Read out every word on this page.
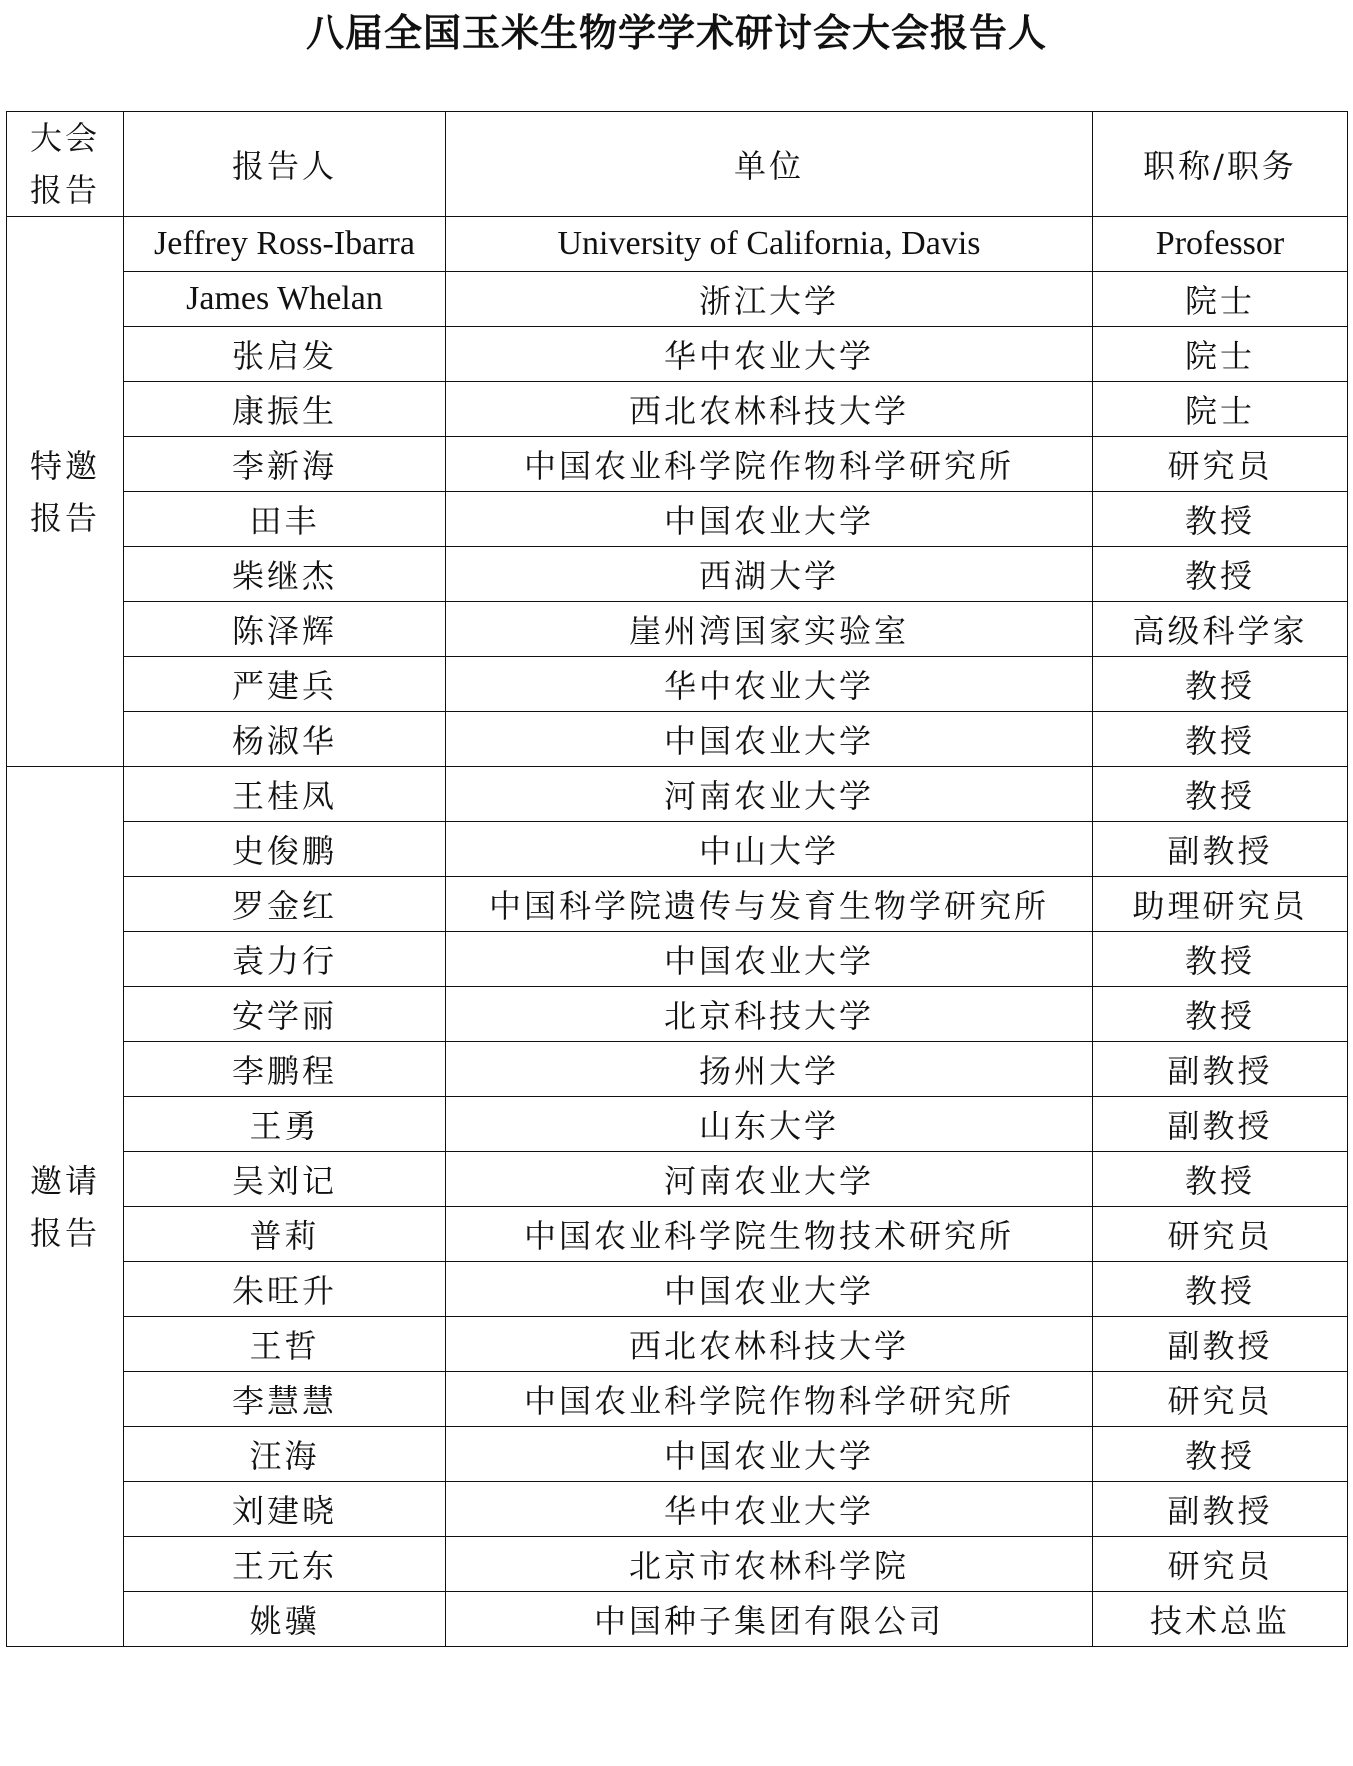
八届全国玉米生物学学术研讨会大会报告人
大会
报告	报告人	单位	职称/职务

特邀
报告	Jeffrey Ross-Ibarra	University of California, Davis	Professor
	James Whelan	浙江大学	院士
	张启发	华中农业大学	院士
	康振生	西北农林科技大学	院士
	李新海	中国农业科学院作物科学研究所	研究员
	田丰	中国农业大学	教授
	柴继杰	西湖大学	教授
	陈泽辉	崖州湾国家实验室	高级科学家
	严建兵	华中农业大学	教授
	杨淑华	中国农业大学	教授

邀请
报告	王桂凤	河南农业大学	教授
	史俊鹏	中山大学	副教授
	罗金红	中国科学院遗传与发育生物学研究所	助理研究员
	袁力行	中国农业大学	教授
	安学丽	北京科技大学	教授
	李鹏程	扬州大学	副教授
	王勇	山东大学	副教授
	吴刘记	河南农业大学	教授
	普莉	中国农业科学院生物技术研究所	研究员
	朱旺升	中国农业大学	教授
	王哲	西北农林科技大学	副教授
	李慧慧	中国农业科学院作物科学研究所	研究员
	汪海	中国农业大学	教授
	刘建晓	华中农业大学	副教授
	王元东	北京市农林科学院	研究员
	姚骥	中国种子集团有限公司	技术总监
